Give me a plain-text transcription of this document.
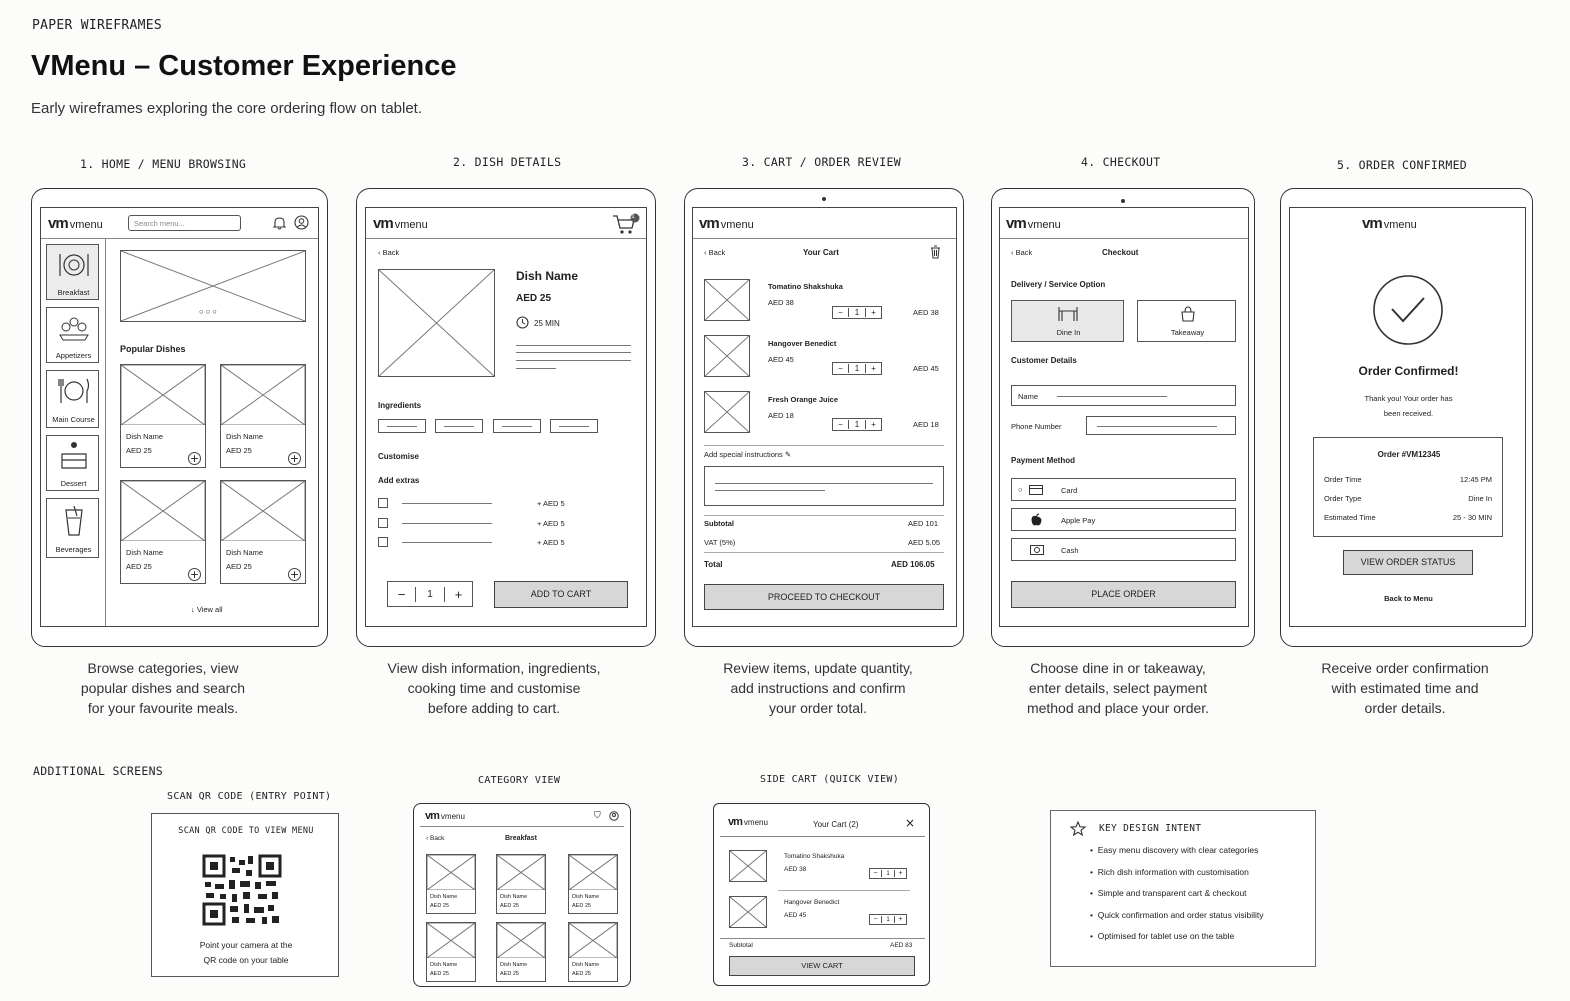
PAPER WIREFRAMES
VMenu – Customer Experience
Early wireframes exploring the core ordering flow on tablet.
1. HOME / MENU BROWSING	2. DISH DETAILS	3. CART / ORDER REVIEW	4. CHECKOUT	5. ORDER CONFIRMED
vm vmenu	Search menu...
Breakfast
Appetizers
Main Course
Dessert
Beverages
○ ○ ○
Popular Dishes
Dish Name
AED 25
+
Dish Name
AED 25
+
Dish Name
AED 25
+
Dish Name
AED 25
+
↓ View all
vm vmenu
1
‹ Back
Dish Name
AED 25
25 MIN
Ingredients
Customise
Add extras
+ AED 5
+ AED 5
+ AED 5
−	1	+	ADD TO CART
vm vmenu
‹ Back	Your Cart
Tomatino Shakshuka
AED 38
−	1	+	AED 38
Hangover Benedict
AED 45
−	1	+	AED 45
Fresh Orange Juice
AED 18
−	1	+	AED 18
Add special instructions ✎
Subtotal	AED 101
VAT (5%)	AED 5.05
Total	AED 106.05
PROCEED TO CHECKOUT
vm vmenu
‹ Back	Checkout
Delivery / Service Option
Dine In	Takeaway
Customer Details
Name
Phone Number
Payment Method
○	Card
Apple Pay
Cash
PLACE ORDER
vm vmenu
Order Confirmed!
Thank you! Your order has
been received.
Order #VM12345
Order Time	12:45 PM
Order Type	Dine In
Estimated Time	25 - 30 MIN
VIEW ORDER STATUS
Back to Menu
Browse categories, view
popular dishes and search
for your favourite meals.
View dish information, ingredients,
cooking time and customise
before adding to cart.
Review items, update quantity,
add instructions and confirm
your order total.
Choose dine in or takeaway,
enter details, select payment
method and place your order.
Receive order confirmation
with estimated time and
order details.
ADDITIONAL SCREENS
SCAN QR CODE (ENTRY POINT)
SCAN QR CODE TO VIEW MENU
Point your camera at the
QR code on your table
CATEGORY VIEW
vm vmenu	⛉
‹ Back	Breakfast
Dish Name
AED 25
Dish Name
AED 25
Dish Name
AED 25
Dish Name
AED 25
Dish Name
AED 25
Dish Name
AED 25
SIDE CART (QUICK VIEW)
vm vmenu	Your Cart (2)	×
Tomatino Shakshuka
AED 38
−	1	+
Hangover Benedict
AED 45
−	1	+
Subtotal	AED 83
VIEW CART
KEY DESIGN INTENT
•  Easy menu discovery with clear categories
•  Rich dish information with customisation
•  Simple and transparent cart & checkout
•  Quick confirmation and order status visibility
•  Optimised for tablet use on the table
